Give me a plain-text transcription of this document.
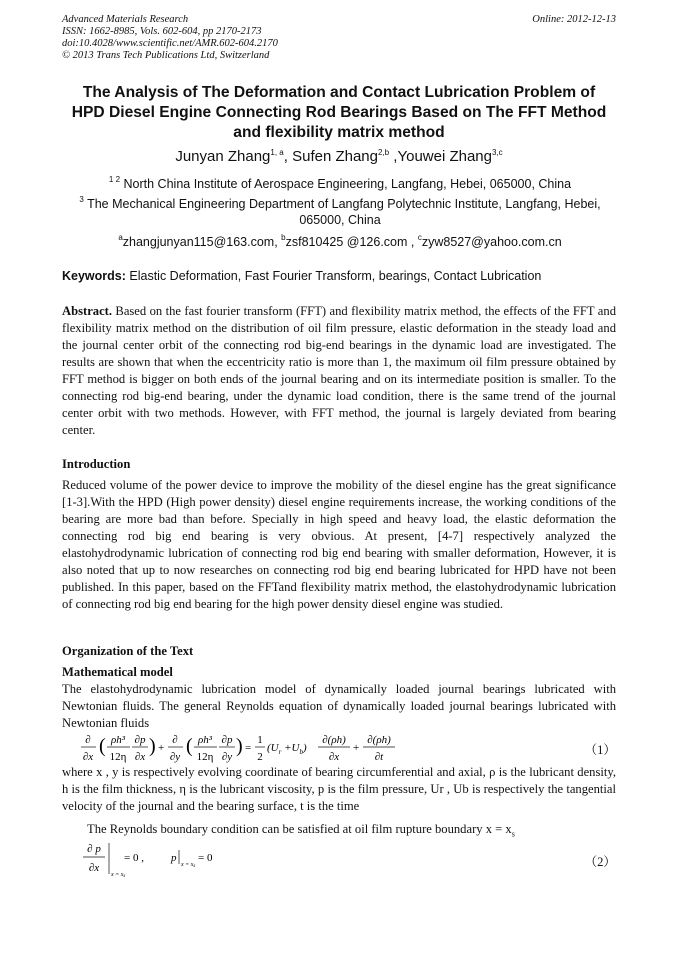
Advanced Materials Research
ISSN: 1662-8985, Vols. 602-604, pp 2170-2173
doi:10.4028/www.scientific.net/AMR.602-604.2170
© 2013 Trans Tech Publications Ltd, Switzerland
Online: 2012-12-13
The Analysis of The Deformation and Contact Lubrication Problem of
HPD Diesel Engine Connecting Rod Bearings Based on The FFT Method
and flexibility matrix method
Junyan Zhang$^{1, a}$, Sufen Zhang$^{2,b}$ ,Youwei Zhang$^{3,c}$
$^{1 2}$ North China Institute of Aerospace Engineering, Langfang, Hebei, 065000, China
$^3$ The Mechanical Engineering Department of Langfang Polytechnic Institute, Langfang, Hebei, 065000, China
$^a$zhangjunyan115@163.com, $^b$zsf810425 @126.com , $^c$zyw8527@yahoo.com.cn
Keywords: Elastic Deformation, Fast Fourier Transform, bearings, Contact Lubrication
Abstract. Based on the fast fourier transform (FFT) and flexibility matrix method, the effects of the FFT and flexibility matrix method on the distribution of oil film pressure, elastic deformation in the steady load and the journal center orbit of the connecting rod big-end bearings in the dynamic load are investigated. The results are shown that when the eccentricity ratio is more than 1, the maximum oil film pressure obtained by FFT method is bigger on both ends of the journal bearing and on its intermediate position is smaller. To the connecting rod big-end bearing, under the dynamic load condition, there is the same trend of the journal center orbit with two methods. However, with FFT method, the journal is largely deviated from bearing center.
Introduction
Reduced volume of the power device to improve the mobility of the diesel engine has the great significance [1-3].With the HPD (High power density) diesel engine requirements increase, the working conditions of the bearing are more bad than before. Specially in high speed and heavy load, the elastic deformation the connecting rod big end bearing is very obvious. At present, [4-7] respectively analyzed the elastohydrodynamic lubrication of connecting rod big end bearing with smaller deformation, However, it is also noted that up to now researches on connecting rod big end bearing lubricated for HPD have not been published. In this paper, based on the FFTand flexibility matrix method, the elastohydrodynamic lubrication of connecting rod big end bearing for the high power density diesel engine was studied.
Organization of the Text
Mathematical model
The elastohydrodynamic lubrication model of dynamically loaded journal bearings lubricated with Newtonian fluids. The general Reynolds equation of dynamically loaded journal bearings lubricated with Newtonian fluids
∂
∂x ( ρh³
12η
∂p
∂x ) +
∂
∂y ( ρh³
12η
∂p
∂y ) =
1
2
$(U_r +U_b)$
∂(ρh)
∂x
+
∂(ρh)
∂t	（1）
where x , y is respectively evolving coordinate of bearing circumferential and axial, ρ is the lubricant density, h is the film thickness, η is the lubricant viscosity, p is the film pressure, Ur , Ub is respectively the tangential velocity of the journal and the bearing surface, t is the time
The Reynolds boundary condition can be satisfied at oil film rupture boundary $x = x_s$
∂ p
∂x
x = xs
= 0 , p
x = xs
= 0	（2）
